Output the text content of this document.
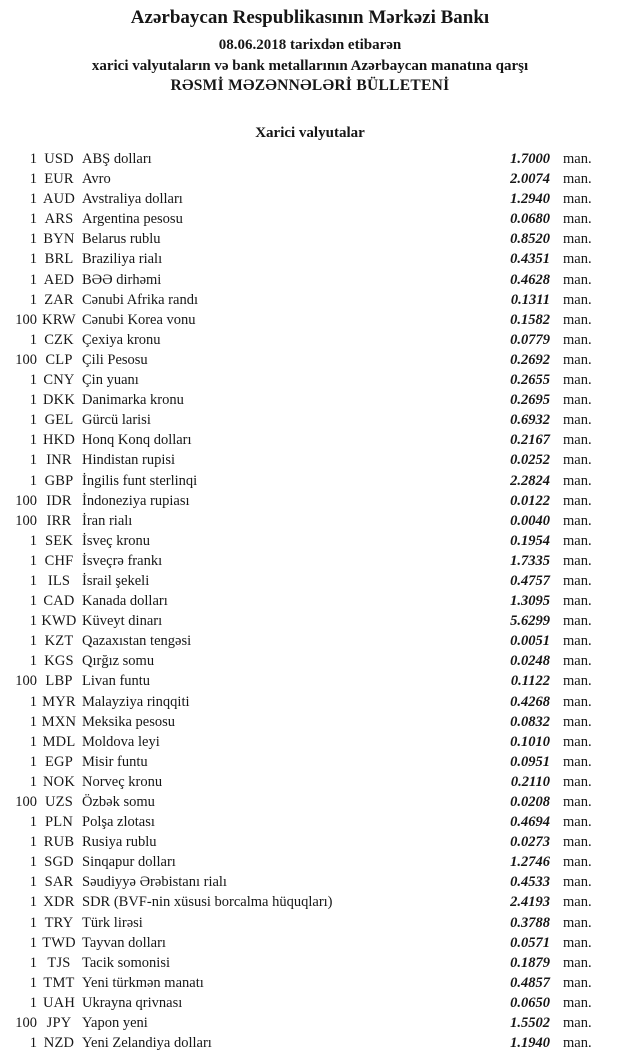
Azərbaycan Respublikasının Mərkəzi Bankı
08.06.2018 tarixdən etibarən
xarici valyutaların və bank metallarının Azərbaycan manatına qarşı
RƏSMİ MƏZƏNNƏLƏRİ BÜLLETENİ
Xarici valyutalar
1 USD ABŞ dolları	1.7000 man.
1 EUR Avro	2.0074 man.
1 AUD Avstraliya dolları	1.2940 man.
1 ARS Argentina pesosu	0.0680 man.
1 BYN Belarus rublu	0.8520 man.
1 BRL Braziliya rialı	0.4351 man.
1 AED BƏƏ dirhəmi	0.4628 man.
1 ZAR Cənubi Afrika randı	0.1311 man.
100 KRW Cənubi Korea vonu	0.1582 man.
1 CZK Çexiya kronu	0.0779 man.
100 CLP Çili Pesosu	0.2692 man.
1 CNY Çin yuanı	0.2655 man.
1 DKK Danimarka kronu	0.2695 man.
1 GEL Gürcü larisi	0.6932 man.
1 HKD Honq Konq dolları	0.2167 man.
1 INR Hindistan rupisi	0.0252 man.
1 GBP İngilis funt sterlinqi	2.2824 man.
100 IDR İndoneziya rupiası	0.0122 man.
100 IRR İran rialı	0.0040 man.
1 SEK İsveç kronu	0.1954 man.
1 CHF İsveçrə frankı	1.7335 man.
1 ILS İsrail şekeli	0.4757 man.
1 CAD Kanada dolları	1.3095 man.
1 KWD Küveyt dinarı	5.6299 man.
1 KZT Qazaxıstan tengəsi	0.0051 man.
1 KGS Qırğız somu	0.0248 man.
100 LBP Livan funtu	0.1122 man.
1 MYR Malayziya rinqqiti	0.4268 man.
1 MXN Meksika pesosu	0.0832 man.
1 MDL Moldova leyi	0.1010 man.
1 EGP Misir funtu	0.0951 man.
1 NOK Norveç kronu	0.2110 man.
100 UZS Özbək somu	0.0208 man.
1 PLN Polşa zlotası	0.4694 man.
1 RUB Rusiya rublu	0.0273 man.
1 SGD Sinqapur dolları	1.2746 man.
1 SAR Səudiyyə Ərəbistanı rialı	0.4533 man.
1 XDR SDR (BVF-nin xüsusi borcalma hüquqları)	2.4193 man.
1 TRY Türk lirəsi	0.3788 man.
1 TWD Tayvan dolları	0.0571 man.
1 TJS Tacik somonisi	0.1879 man.
1 TMT Yeni türkmən manatı	0.4857 man.
1 UAH Ukrayna qrivnası	0.0650 man.
100 JPY Yapon yeni	1.5502 man.
1 NZD Yeni Zelandiya dolları	1.1940 man.
